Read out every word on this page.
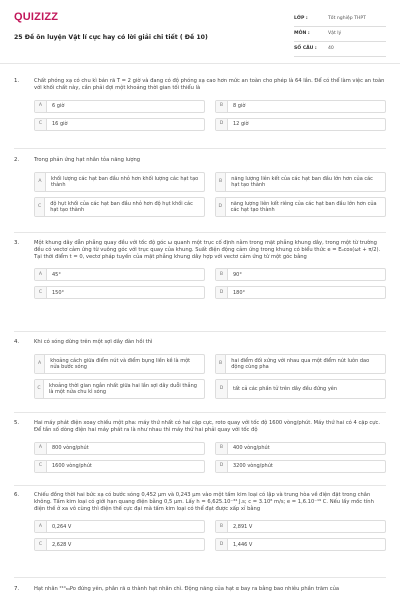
QUIZIZZ
25 Đề ôn luyện Vật lí cực hay có lời giải chi tiết ( Đề 10)
LỚP :	Tốt nghiệp THPT
MÔN :	Vật lý
SỐ CÂU :	40
1.	Chất phóng xạ có chu kì bán rã T = 2 giờ và đang có độ phóng xạ cao hơn mức an toàn cho phép là 64 lần. Để có thể làm việc an toàn với khối chất này, cần phải đợi một khoảng thời gian tối thiểu là
A	6 giờ	B	8 giờ
C	16 giờ	D	12 giờ
2.	Trong phản ứng hạt nhân tỏa năng lượng
A
khối lượng các hạt ban đầu nhỏ hơn khối lượng các hạt tạo thành
B
năng lượng liên kết của các hạt ban đầu lớn hơn của các hạt tạo thành
C
độ hụt khối của các hạt ban đầu nhỏ hơn độ hụt khối các hạt tạo thành
D
năng lượng liên kết riêng của các hạt ban đầu lớn hơn của các hạt tạo thành
3.	Một khung dây dẫn phẳng quay đều với tốc độ góc ω quanh một trục cố định nằm trong mặt phẳng khung dây, trong một từ trường đều có vectơ cảm ứng từ vuông góc với trục quay của khung. Suất điện động cảm ứng trong khung có biểu thức e = E₀cos(ωt + π/2). Tại thời điểm t = 0, vectơ pháp tuyến của mặt phẳng khung dây hợp với vectơ cảm ứng từ một góc bằng
A	45°	B	90°
C	150°	D	180°
4.	Khi có sóng dừng trên một sợi dây đàn hồi thì
A
khoảng cách giữa điểm nút và điểm bụng liền kề là một nửa bước sóng
B
hai điểm đối xứng với nhau qua một điểm nút luôn dao động cùng pha
C
khoảng thời gian ngắn nhất giữa hai lần sợi dây duỗi thẳng là một nửa chu kì sóng
D	tất cả các phần tử trên dây đều đứng yên
5.	Hai máy phát điện xoay chiều một pha: máy thứ nhất có hai cặp cực, roto quay với tốc độ 1600 vòng/phút. Máy thứ hai có 4 cặp cực. Để tần số dòng điện hai máy phát ra là như nhau thì máy thứ hai phải quay với tốc độ
A	800 vòng/phút	B	400 vòng/phút
C	1600 vòng/phút	D	3200 vòng/phút
6.	Chiếu đồng thời hai bức xạ có bước sóng 0,452 μm và 0,243 μm vào một tấm kim loại có lập và trung hòa về điện đặt trong chân không. Tấm kim loại có giới hạn quang điện bằng 0,5 μm. Lấy h = 6,625.10⁻³⁴ J.s; c = 3.10⁸ m/s; e = 1,6.10⁻¹⁹ C. Nếu lấy mốc tính điện thế ở xa vô cùng thì điện thế cực đại mà tấm kim loại có thể đạt được xấp xỉ bằng
A	0,264 V	B	2,891 V
C	2,628 V	D	1,446 V
7.	Hạt nhân ²¹⁰₈₄Po đứng yên, phân rã α thành hạt nhân chì. Động năng của hạt α bay ra bằng bao nhiêu phần trăm của
